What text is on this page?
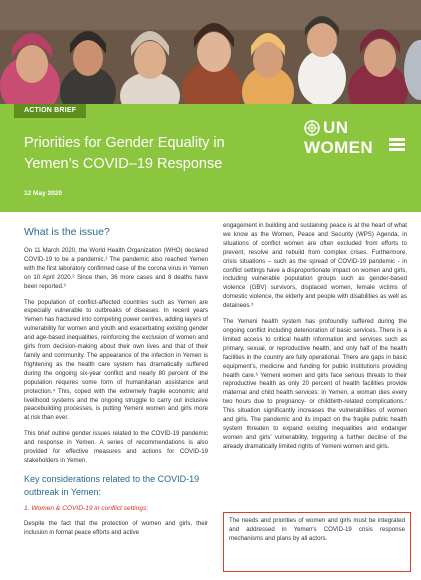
ACTION BRIEF
Priorities for Gender Equality in
Yemen’s COVID–19 Response
12 May 2020
UN
WOMEN
What is the issue?

On 11 March 2020, the World Health Organization (WHO) declared COVID-19 to be a pandemic.¹ The pandemic also reached Yemen with the first laboratory confirmed case of the corona virus in Yemen on 10 April 2020.² Since then, 36 more cases and 8 deaths have been reported.³

The population of conflict-affected countries such as Yemen are especially vulnerable to outbreaks of diseases. In recent years Yemen has fractured into competing power centres, adding layers of vulnerability for women and youth and exacerbating existing gender and age-based inequalities, reinforcing the exclusion of women and girls from decision-making about their own lives and that of their family and community. The appearance of the infection in Yemen is frightening as the health care system has dramatically suffered during the ongoing six-year conflict and nearly 80 percent of the population requires some form of humanitarian assistance and protection.⁴ This, coped with the extremely fragile economic and livelihood systems and the ongoing struggle to carry out inclusive peacebuilding processes, is putting Yemeni women and girls more at risk than ever.

This brief outline gender issues related to the COVID-19 pandemic and response in Yemen. A series of recommendations is also provided for effective measures and actions for COVID-19 stakeholders in Yemen.

Key considerations related to the COVID-19 outbreak in Yemen:
1. Women & COVID-19 in conflict settings:

Despite the fact that the protection of women and girls, their inclusion in formal peace efforts and active

engagement in building and sustaining peace is at the heart of what we know as the Women, Peace and Security (WPS) Agenda, in situations of conflict women are often excluded from efforts to prevent, resolve and rebuild from complex crises. Furthermore, crisis situations – such as the spread of COVID-19 pandemic - in conflict settings have a disproportionate impact on women and girls, including vulnerable population groups such as gender-based violence (GBV) survivors, displaced women, female victims of domestic violence, the elderly and people with disabilities as well as detainees.⁵

The Yemeni health system has profoundly suffered during the ongoing conflict including deterioration of basic services. There is a limited access to critical health information and services such as primary, sexual, or reproductive health, and only half of the health facilities in the country are fully operational. There are gaps in basic equipment's, medicine and funding for public institutions providing health care.⁶ Yemeni women and girls face serious threats to their reproductive health as only 20 percent of health facilities provide maternal and child health services: in Yemen, a woman dies every two hours due to pregnancy- or childbirth-related complications.⁷ This situation significantly increases the vulnerabilities of women and girls. The pandemic and its impact on the fragile public health system threaten to expand existing inequalities and endanger women and girls' vulnerability, triggering a further decline of the already dramatically limited rights of Yemeni women and girls.

The needs and priorities of women and girls must be integrated and addressed in Yemen's COVID-19 crisis response mechanisms and plans by all actors.
